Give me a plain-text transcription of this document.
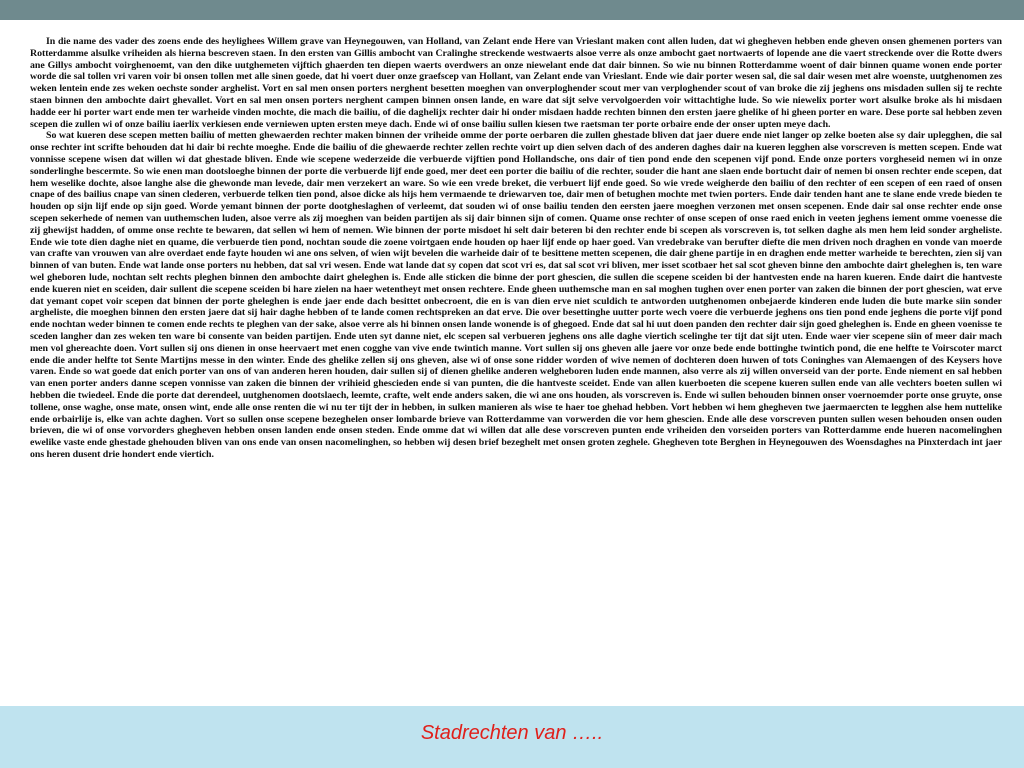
In die name des vader des zoens ende des heylighees Willem grave van Heynegouwen, van Holland, van Zelant ende Here van Vrieslant maken cont allen luden, dat wi ghegheven hebben ende gheven onsen ghemenen porters van Rotterdamme alsulke vriheiden als hierna bescreven staen. In den ersten van Gillis ambocht van Cralinghe streckende westwaerts alsoe verre als onze ambocht gaet nortwaerts of lopende ane die vaert streckende over die Rotte dwers ane Gillys ambocht voirghenoemt, van den dike uutghemeten vijftich ghaerden ten diepen waerts overdwers an onze niewelant ende dat dair binnen. So wie nu binnen Rotterdamme woent of dair binnen quame wonen ende porter worde die sal tollen vri varen voir bi onsen tollen met alle sinen goede, dat hi voert duer onze graefscep van Hollant, van Zelant ende van Vrieslant. Ende wie dair porter wesen sal, die sal dair wesen met alre woenste, uutghenomen zes weken lentein ende zes weken oechste sonder arghelist. Vort en sal men onsen porters nerghent besetten moeghen van onverploghender scout mer van verploghender scout of van broke die zij jeghens ons misdaden sullen sij te rechte staen binnen den ambochte dairt ghevallet. Vort en sal men onsen porters nerghent campen binnen onsen lande, en ware dat sijt selve vervolgoerden voir wittachtighe lude. So wie niewelix porter wort alsulke broke als hi misdaen hadde eer hi porter wart ende men ter warheide vinden mochte, die mach die bailiu, of die daghelijx rechter dair hi onder misdaen hadde rechten binnen den ersten jaere ghelike of hi gheen porter en ware. Dese porte sal hebben zeven scepen die zullen wi of onze bailiu iaerlix verkiesen ende verniewen upten ersten meye dach. Ende wi of onse bailiu sullen kiesen twe raetsman ter porte orbaire ende der onser upten meye dach.

So wat kueren dese scepen metten bailiu of metten ghewaerden rechter maken binnen der vriheide omme der porte oerbaren die zullen ghestade bliven dat jaer duere ende niet langer op zelke boeten alse sy dair uplegghen, die sal onse rechter int scrifte behouden dat hi dair bi rechte moeghe. Ende die bailiu of die ghewaerde rechter zellen rechte voirt up dien selven dach of des anderen daghes dair na kueren legghen alse vorscreven is metten scepen. Ende wat vonnisse scepene wisen dat willen wi dat ghestade bliven. Ende wie scepene wederzeide die verbuerde vijftien pond Hollandsche, ons dair of tien pond ende den scepenen vijf pond. Ende onze porters vorgheseid nemen wi in onze sonderlinghe bescermte. So wie enen man dootsloeghe binnen der porte die verbuerde lijf ende goed, mer deet een porter die bailiu of die rechter, souder die hant ane slaen ende bortucht dair of nemen bi onsen rechter ende scepen, dat hem weselike dochte, alsoe langhe alse die ghewonde man levede, dair men verzekert an ware. So wie een vrede breket, die verbuert lijf ende goed. So wie vrede weigherde den bailiu of den rechter of een scepen of een raed of onsen cnape of des bailius cnape van sinen clederen, verbuerde telken tien pond, alsoe dicke als hijs hem vermaende te driewarven toe, dair men of betughen mochte met twien porters. Ende dair tenden hant ane te slane ende vrede bieden te houden op sijn lijf ende op sijn goed. Worde yemant binnen der porte dootgheslaghen of verleemt, dat souden wi of onse bailiu tenden den eersten jaere moeghen verzonen met onsen scepenen. Ende dair sal onse rechter ende onse scepen sekerhede of nemen van uuthemschen luden, alsoe verre als zij moeghen van beiden partijen als sij dair binnen sijn of comen. Quame onse rechter of onse scepen of onse raed enich in veeten jeghens iement omme voenesse die zij ghewijst hadden, of omme onse rechte te bewaren, dat sellen wi hem of nemen. Wie binnen der porte misdoet hi selt dair beteren bi den rechter ende bi scepen als vorscreven is, tot selken daghe als men hem leid sonder argheliste. Ende wie tote dien daghe niet en quame, die verbuerde tien pond, nochtan soude die zoene voirtgaen ende houden op haer lijf ende op haer goed. Van vredebrake van berufter diefte die men driven noch draghen en vonde van moerde van crafte van vrouwen van alre overdaet ende fayte houden wi ane ons selven, of wien wijt bevelen die warheide dair of te besittene metten scepenen, die dair ghene partije in en draghen ende metter warheide te berechten, zien sij van binnen of van buten. Ende wat lande onse porters nu hebben, dat sal vri wesen. Ende wat lande dat sy copen dat scot vri es, dat sal scot vri bliven, mer isset scotbaer het sal scot gheven binne den ambochte dairt gheleghen is, ten ware wel gheboren lude, nochtan selt rechts pleghen binnen den ambochte dairt gheleghen is. Ende alle sticken die binne der port ghescien, die sullen die scepene sceiden bi der hantvesten ende na haren kueren. Ende dairt die hantveste ende kueren niet en sceiden, dair sullent die scepene sceiden bi hare zielen na haer wetentheyt met onsen rechtere. Ende gheen uuthemsche man en sal moghen tughen over enen porter van zaken die binnen der port ghescien, wat erve dat yemant copet voir scepen dat binnen der porte gheleghen is ende jaer ende dach besittet onbecroent, die en is van dien erve niet sculdich te antworden uutghenomen onbejaerde kinderen ende luden die bute marke siin sonder argheliste, die moeghen binnen den ersten jaere dat sij hair daghe hebben of te lande comen rechtspreken an dat erve. Die over besettinghe uutter porte wech voere die verbuerde jeghens ons tien pond ende jeghens die porte vijf pond ende nochtan weder binnen te comen ende rechts te pleghen van der sake, alsoe verre als hi binnen onsen lande wonende is of ghegoed. Ende dat sal hi uut doen panden den rechter dair sijn goed gheleghen is. Ende en gheen voenisse te sceden langher dan zes weken ten ware bi consente van beiden partijen. Ende uten syt danne niet, elc scepen sal verbueren jeghens ons alle daghe viertich scelinghe ter tijt dat sijt uten. Ende waer vier scepene siin of meer dair mach men vol ghereachte doen. Vort sullen sij ons dienen in onse heervaert met enen cogghe van vive ende twintich manne. Vort sullen sij ons gheven alle jaere vor onze bede ende bottinghe twintich pond, die ene helfte te Voirscoter marct ende die ander helfte tot Sente Martijns messe in den winter. Ende des ghelike zellen sij ons gheven, alse wi of onse sone ridder worden of wive nemen of dochteren doen huwen of tots Coninghes van Alemaengen of des Keysers hove varen. Ende so wat goede dat enich porter van ons of van anderen heren houden, dair sullen sij of dienen ghelike anderen welgheboren luden ende mannen, also verre als zij willen onverseid van der porte. Ende niement en sal hebben van enen porter anders danne scepen vonnisse van zaken die binnen der vrihieid ghescieden ende si van punten, die die hantveste sceidet. Ende van allen kuerboeten die scepene kueren sullen ende van alle vechters boeten sullen wi hebben die twiedeel. Ende die porte dat derendeel, uutghenomen dootslaech, leemte, crafte, welt ende anders saken, die wi ane ons houden, als vorscreven is. Ende wi sullen behouden binnen onser voernoemder porte onse gruyte, onse tollene, onse waghe, onse mate, onsen wint, ende alle onse renten die wi nu ter tijt der in hebben, in sulken manieren als wise te haer toe ghehad hebben. Vort hebben wi hem ghegheven twe jaermaercten te legghen alse hem nuttelike ende orbairlije is, elke van achte daghen. Vort so sullen onse scepene bezeghelen onser lombarde brieve van Rotterdamme van vorwerden die vor hem ghescien. Ende alle dese vorscreven punten sullen wesen behouden onsen ouden brieven, die wi of onse vorvorders ghegheven hebben onsen landen ende onsen steden. Ende omme dat wi willen dat alle dese vorscreven punten ende vriheiden den vorseiden porters van Rotterdamme ende hueren nacomelinghen ewelike vaste ende ghestade ghehouden bliven van ons ende van onsen nacomelinghen, so hebben wij desen brief bezeghelt met onsen groten zeghele. Ghegheven tote Berghen in Heynegouwen des Woensdaghes na Pinxterdach int jaer ons heren dusent drie hondert ende viertich.

Stadrechten van …..
